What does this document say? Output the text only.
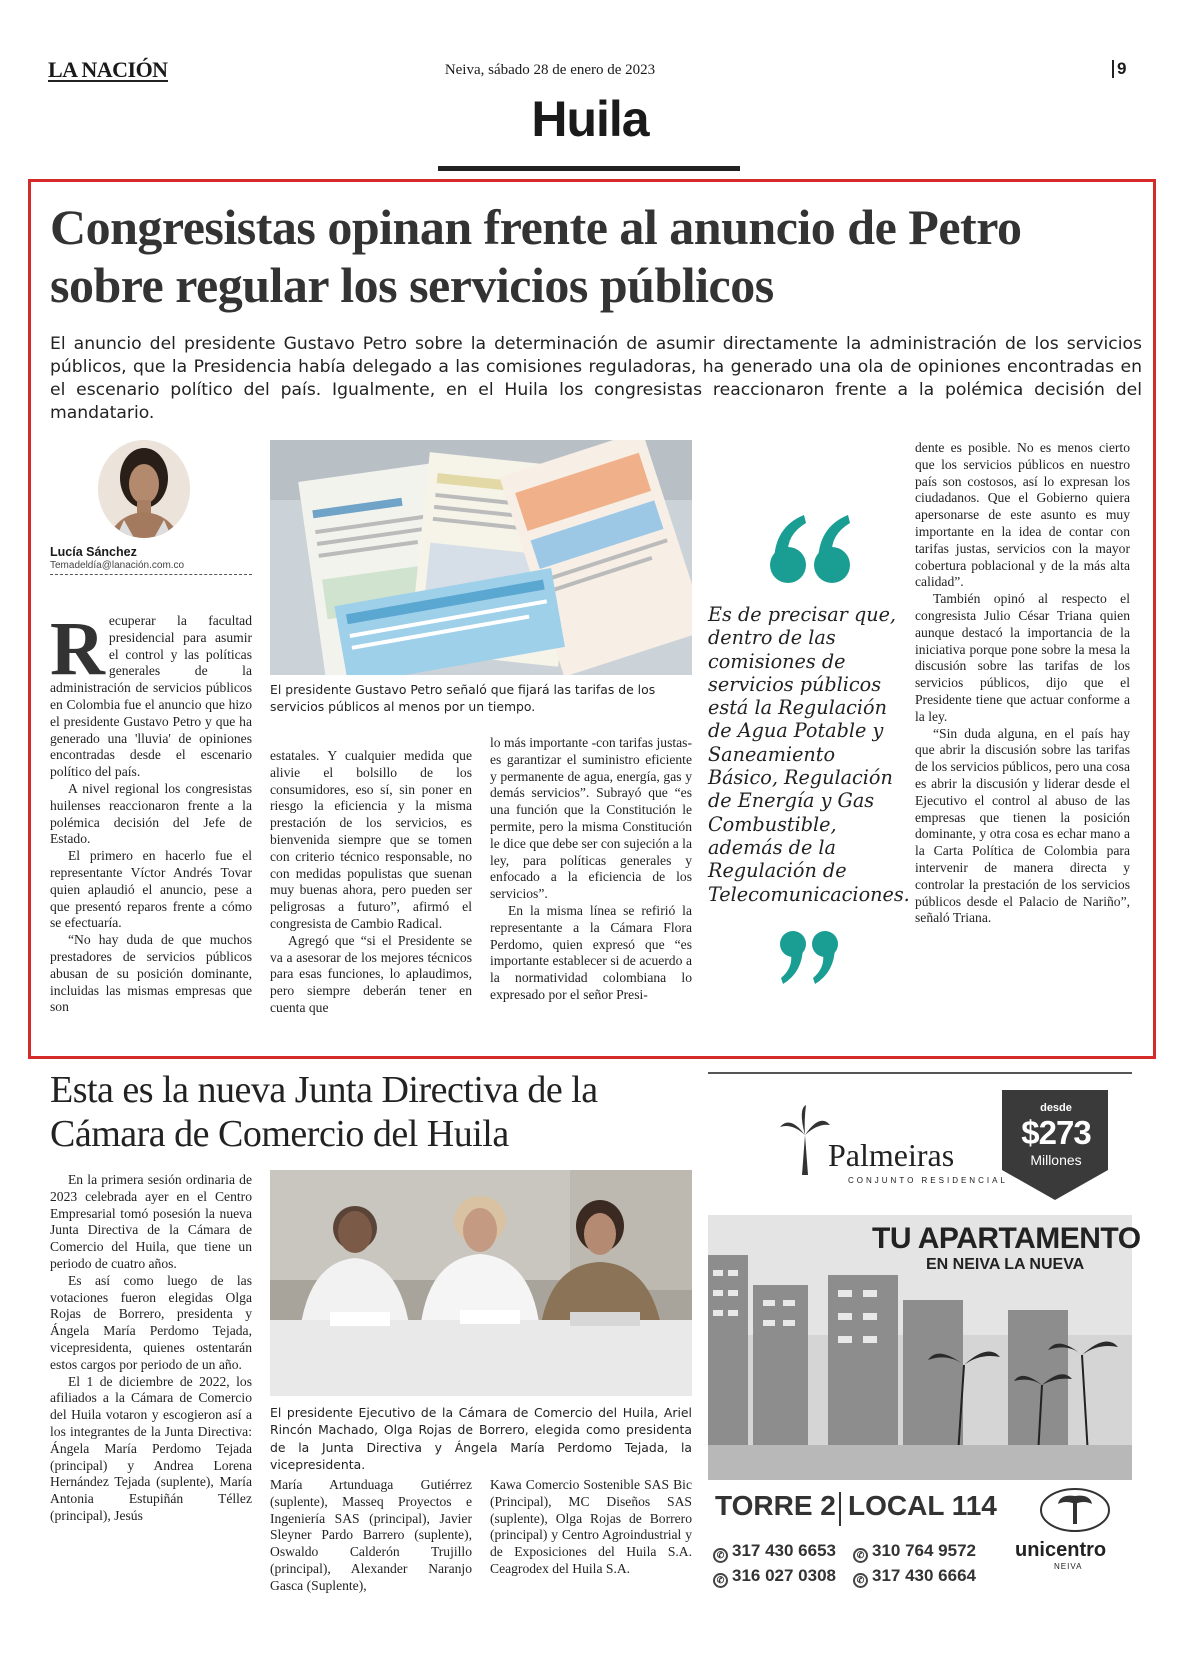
LA NACIÓN	Neiva, sábado 28 de enero de 2023	9
Huila
Congresistas opinan frente al anuncio de Petro sobre regular los servicios públicos
El anuncio del presidente Gustavo Petro sobre la determinación de asumir directamente la administración de los servicios públicos, que la Presidencia había delegado a las comisiones reguladoras, ha generado una ola de opiniones encontradas en el escenario político del país. Igualmente, en el Huila los congresistas reaccionaron frente a la polémica decisión del mandatario.
Lucía Sánchez
Temadeldía@lanación.com.co
R ecuperar la facultad presidencial para asumir el control y las políticas generales de la administración de servicios públicos en Colombia fue el anuncio que hizo el presidente Gustavo Petro y que ha generado una 'lluvia' de opiniones encontradas desde el escenario político del país.

A nivel regional los congresistas huilenses reaccionaron frente a la polémica decisión del Jefe de Estado.

El primero en hacerlo fue el representante Víctor Andrés Tovar quien aplaudió el anuncio, pese a que presentó reparos frente a cómo se efectuaría.

“No hay duda de que muchos prestadores de servicios públicos abusan de su posición dominante, incluidas las mismas empresas que son

El presidente Gustavo Petro señaló que fijará las tarifas de los servicios públicos al menos por un tiempo.

estatales. Y cualquier medida que alivie el bolsillo de los consumidores, eso sí, sin poner en riesgo la eficiencia y la misma prestación de los servicios, es bienvenida siempre que se tomen con criterio técnico responsable, no con medidas populistas que suenan muy buenas ahora, pero pueden ser peligrosas a futuro”, afirmó el congresista de Cambio Radical.

Agregó que “si el Presidente se va a asesorar de los mejores técnicos para esas funciones, lo aplaudimos, pero siempre deberán tener en cuenta que

lo más importante -con tarifas justas- es garantizar el suministro eficiente y permanente de agua, energía, gas y demás servicios”. Subrayó que “es una función que la Constitución le permite, pero la misma Constitución le dice que debe ser con sujeción a la ley, para políticas generales y enfocado a la eficiencia de los servicios”.

En la misma línea se refirió la representante a la Cámara Flora Perdomo, quien expresó que “es importante establecer si de acuerdo a la normatividad colombiana lo expresado por el señor Presi-

Es de precisar que, dentro de las comisiones de servicios públicos está la Regulación de Agua Potable y Saneamiento Básico, Regulación de Energía y Gas Combustible, además de la Regulación de Telecomunicaciones.

dente es posible. No es menos cierto que los servicios públicos en nuestro país son costosos, así lo expresan los ciudadanos. Que el Gobierno quiera apersonarse de este asunto es muy importante en la idea de contar con tarifas justas, servicios con la mayor cobertura poblacional y de la más alta calidad”.

También opinó al respecto el congresista Julio César Triana quien aunque destacó la importancia de la iniciativa porque pone sobre la mesa la discusión sobre las tarifas de los servicios públicos, dijo que el Presidente tiene que actuar conforme a la ley.

“Sin duda alguna, en el país hay que abrir la discusión sobre las tarifas de los servicios públicos, pero una cosa es abrir la discusión y liderar desde el Ejecutivo el control al abuso de las empresas que tienen la posición dominante, y otra cosa es echar mano a la Carta Política de Colombia para intervenir de manera directa y controlar la prestación de los servicios públicos desde el Palacio de Nariño”, señaló Triana.

Esta es la nueva Junta Directiva de la Cámara de Comercio del Huila

En la primera sesión ordinaria de 2023 celebrada ayer en el Centro Empresarial tomó posesión la nueva Junta Directiva de la Cámara de Comercio del Huila, que tiene un periodo de cuatro años.

Es así como luego de las votaciones fueron elegidas Olga Rojas de Borrero, presidenta y Ángela María Perdomo Tejada, vicepresidenta, quienes ostentarán estos cargos por periodo de un año.

El 1 de diciembre de 2022, los afiliados a la Cámara de Comercio del Huila votaron y escogieron así a los integrantes de la Junta Directiva: Ángela María Perdomo Tejada (principal) y Andrea Lorena Hernández Tejada (suplente), María Antonia Estupiñán Téllez (principal), Jesús

El presidente Ejecutivo de la Cámara de Comercio del Huila, Ariel Rincón Machado, Olga Rojas de Borrero, elegida como presidenta de la Junta Directiva y Ángela María Perdomo Tejada, la vicepresidenta.

María Artunduaga Gutiérrez (suplente), Masseq Proyectos e Ingeniería SAS (principal), Javier Sleyner Pardo Barrero (suplente), Oswaldo Calderón Trujillo (principal), Alexander Naranjo Gasca (Suplente),

Kawa Comercio Sostenible SAS Bic (Principal), MC Diseños SAS (suplente), Olga Rojas de Borrero (principal) y Centro Agroindustrial y de Exposiciones del Huila S.A. Ceagrodex del Huila S.A.

Palmeiras
CONJUNTO RESIDENCIAL
desde
$273
Millones
TU APARTAMENTO
EN NEIVA LA NUEVA
TORRE 2 LOCAL 114
✆ 317 430 6653	✆ 310 764 9572
✆ 316 027 0308	✆ 317 430 6664
unicentro
NEIVA
